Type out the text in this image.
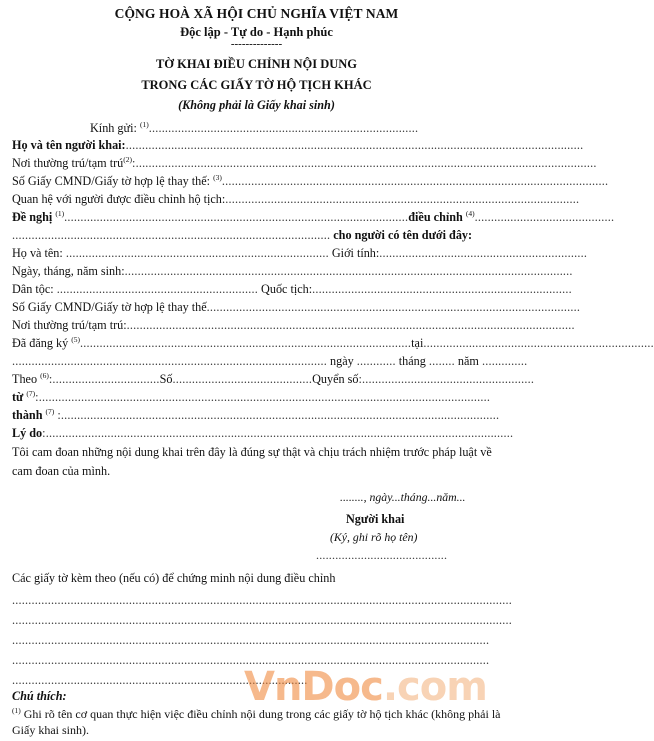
CỘNG HOÀ XÃ HỘI CHỦ NGHĨA VIỆT NAM
Độc lập - Tự do - Hạnh phúc
--------------
TỜ KHAI ĐIỀU CHỈNH NỘI DUNG
TRONG CÁC GIẤY TỜ HỘ TỊCH KHÁC
(Không phải là Giấy khai sinh)
Kính gửi: $^{(1)}$...................................................................................
Họ và tên người khai:.............................................................................................................................................
Nơi thường trú/tạm trú$^{(2)}$:..............................................................................................................................................
Số Giấy CMND/Giấy tờ hợp lệ thay thế: $^{(3)}$.......................................................................................................................
Quan hệ với người được điều chỉnh hộ tịch:.............................................................................................................
Đề nghị $^{(1)}$..........................................................................................................điều chỉnh $^{(4)}$...........................................
.................................................................................................. cho người có tên dưới đây:
Họ và tên: ................................................................................. Giới tính:................................................................
Ngày, tháng, năm sinh:..........................................................................................................................................
Dân tộc: .............................................................. Quốc tịch:................................................................................
Số Giấy CMND/Giấy tờ hợp lệ thay thế...................................................................................................................
Nơi thường trú/tạm trú:..........................................................................................................................................
Đã đăng ký $^{(5)}$......................................................................................................tại.......................................................................
................................................................................................. ngày ............ tháng ........ năm ..............
Theo $^{(6)}$:.................................Số...........................................Quyển số:.....................................................
từ $^{(7)}$:...........................................................................................................................................
thành $^{(7)}$ :.......................................................................................................................................
Lý do:................................................................................................................................................
Tôi cam đoan những nội dung khai trên đây là đúng sự thật và chịu trách nhiệm trước pháp luật về cam đoan của mình.
........, ngày...tháng...năm...
Người khai
(Ký, ghi rõ họ tên)
.........................................
Các giấy tờ kèm theo (nếu có) để chứng minh nội dung điều chỉnh
..........................................................................................................................................................
..........................................................................................................................................................
...................................................................................................................................................
...................................................................................................................................................
...........................................................................................
Chú thích:
$^{(1)}$ Ghi rõ tên cơ quan thực hiện việc điều chỉnh nội dung trong các giấy tờ hộ tịch khác (không phải là Giấy khai sinh).
VnDoc.com
